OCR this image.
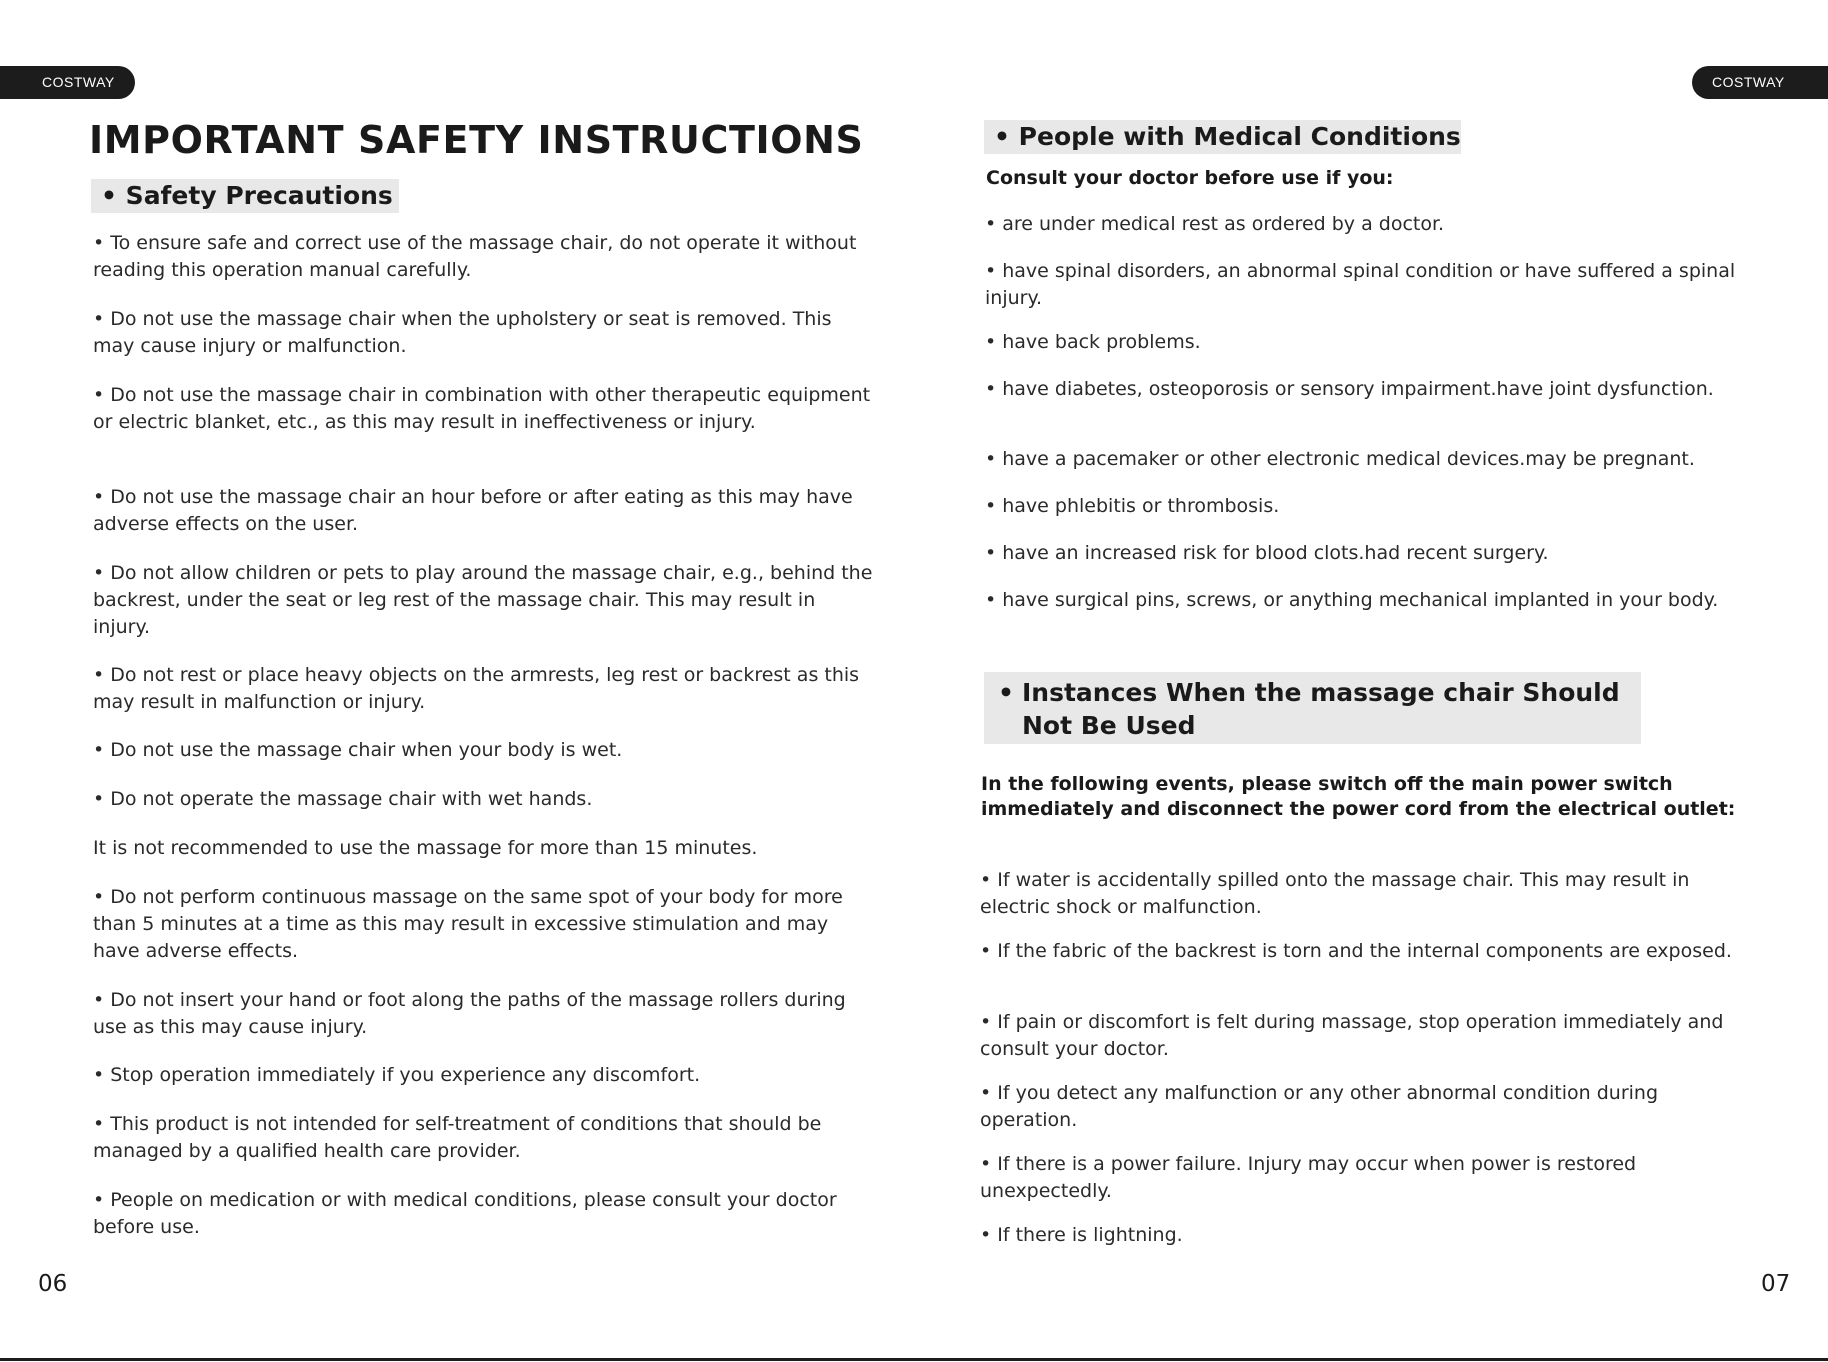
COSTWAY	COSTWAY
IMPORTANT SAFETY INSTRUCTIONS
• Safety Precautions
• To ensure safe and correct use of the massage chair, do not operate it without reading this operation manual carefully.
• Do not use the massage chair when the upholstery or seat is removed. This may cause injury or malfunction.
• Do not use the massage chair in combination with other therapeutic equipment or electric blanket, etc., as this may result in ineffectiveness or injury.
• Do not use the massage chair an hour before or after eating as this may have adverse effects on the user.
• Do not allow children or pets to play around the massage chair, e.g., behind the backrest, under the seat or leg rest of the massage chair. This may result in injury.
• Do not rest or place heavy objects on the armrests, leg rest or backrest as this may result in malfunction or injury.
• Do not use the massage chair when your body is wet.
• Do not operate the massage chair with wet hands.
It is not recommended to use the massage for more than 15 minutes.
• Do not perform continuous massage on the same spot of your body for more than 5 minutes at a time as this may result in excessive stimulation and may have adverse effects.
• Do not insert your hand or foot along the paths of the massage rollers during use as this may cause injury.
• Stop operation immediately if you experience any discomfort.
• This product is not intended for self-treatment of conditions that should be managed by a qualified health care provider.
• People on medication or with medical conditions, please consult your doctor before use.
• People with Medical Conditions
Consult your doctor before use if you:
• are under medical rest as ordered by a doctor.
• have spinal disorders, an abnormal spinal condition or have suffered a spinal injury.
• have back problems.
• have diabetes, osteoporosis or sensory impairment.have joint dysfunction.
• have a pacemaker or other electronic medical devices.may be pregnant.
• have phlebitis or thrombosis.
• have an increased risk for blood clots.had recent surgery.
• have surgical pins, screws, or anything mechanical implanted in your body.
• Instances When the massage chair Should Not Be Used
In the following events, please switch off the main power switch immediately and disconnect the power cord from the electrical outlet:
• If water is accidentally spilled onto the massage chair. This may result in electric shock or malfunction.
• If the fabric of the backrest is torn and the internal components are exposed.
• If pain or discomfort is felt during massage, stop operation immediately and consult your doctor.
• If you detect any malfunction or any other abnormal condition during operation.
• If there is a power failure. Injury may occur when power is restored unexpectedly.
• If there is lightning.
06	07
